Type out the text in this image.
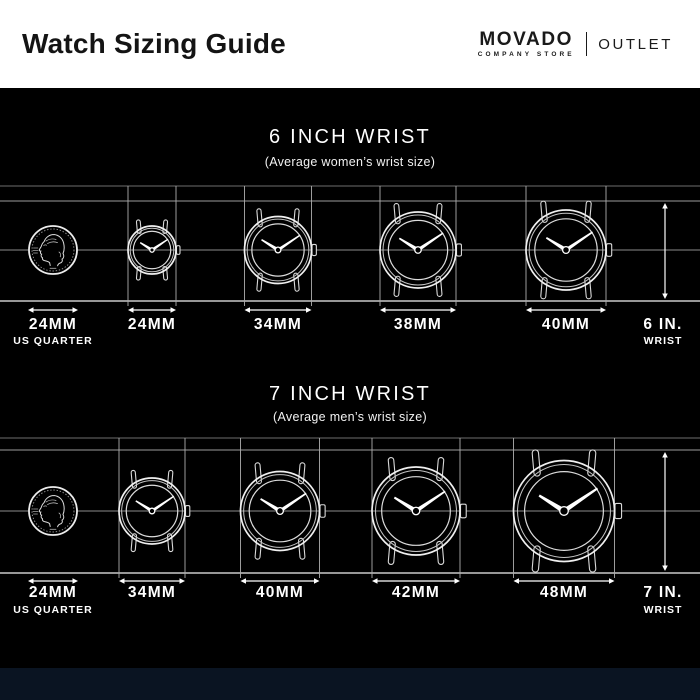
Watch Sizing Guide	MOVADO
COMPANY STORE
OUTLET
24MM
US QUARTER
24MM	34MM	38MM	40MM	6 IN.
WRIST
6 INCH WRIST
(Average women’s wrist size)
24MM
US QUARTER
34MM	40MM	42MM	48MM	7 IN.
WRIST
7 INCH WRIST
(Average men’s wrist size)
